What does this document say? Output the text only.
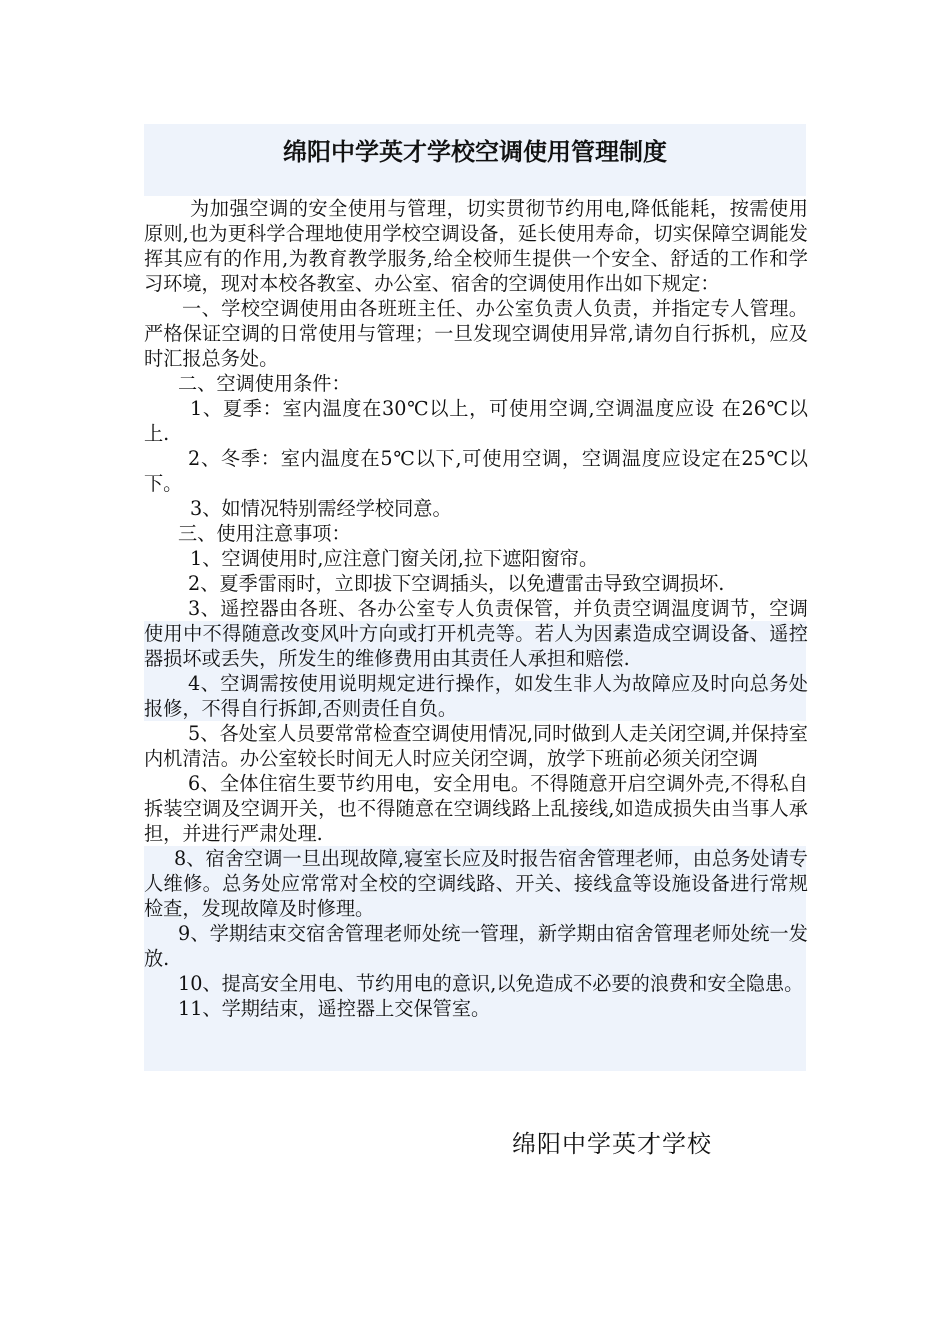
绵阳中学英才学校空调使用管理制度

为加强空调的安全使用与管理，切实贯彻节约用电,降低能耗，按需使用原则,也为更科学合理地使用学校空调设备，延长使用寿命，切实保障空调能发挥其应有的作用,为教育教学服务,给全校师生提供一个安全、舒适的工作和学习环境，现对本校各教室、办公室、宿舍的空调使用作出如下规定：

一、学校空调使用由各班班主任、办公室负责人负责，并指定专人管理。严格保证空调的日常使用与管理；一旦发现空调使用异常,请勿自行拆机，应及时汇报总务处。

二、空调使用条件：

1、夏季：室内温度在30℃以上，可使用空调,空调温度应设 在26℃以上.

2、冬季：室内温度在5℃以下,可使用空调，空调温度应设定在25℃以下。

3、如情况特别需经学校同意。

三、使用注意事项：

1、空调使用时,应注意门窗关闭,拉下遮阳窗帘。

2、夏季雷雨时，立即拔下空调插头，以免遭雷击导致空调损坏.

3、遥控器由各班、各办公室专人负责保管，并负责空调温度调节，空调使用中不得随意改变风叶方向或打开机壳等。若人为因素造成空调设备、遥控器损坏或丢失，所发生的维修费用由其责任人承担和赔偿.

4、空调需按使用说明规定进行操作，如发生非人为故障应及时向总务处报修，不得自行拆卸,否则责任自负。

5、各处室人员要常常检查空调使用情况,同时做到人走关闭空调,并保持室内机清洁。办公室较长时间无人时应关闭空调，放学下班前必须关闭空调

6、全体住宿生要节约用电，安全用电。不得随意开启空调外壳,不得私自拆装空调及空调开关，也不得随意在空调线路上乱接线,如造成损失由当事人承担，并进行严肃处理.

8、宿舍空调一旦出现故障,寝室长应及时报告宿舍管理老师，由总务处请专人维修。总务处应常常对全校的空调线路、开关、接线盒等设施设备进行常规检查，发现故障及时修理。

9、学期结束交宿舍管理老师处统一管理，新学期由宿舍管理老师处统一发放.

10、提高安全用电、节约用电的意识,以免造成不必要的浪费和安全隐患。

11、学期结束，遥控器上交保管室。

绵阳中学英才学校
